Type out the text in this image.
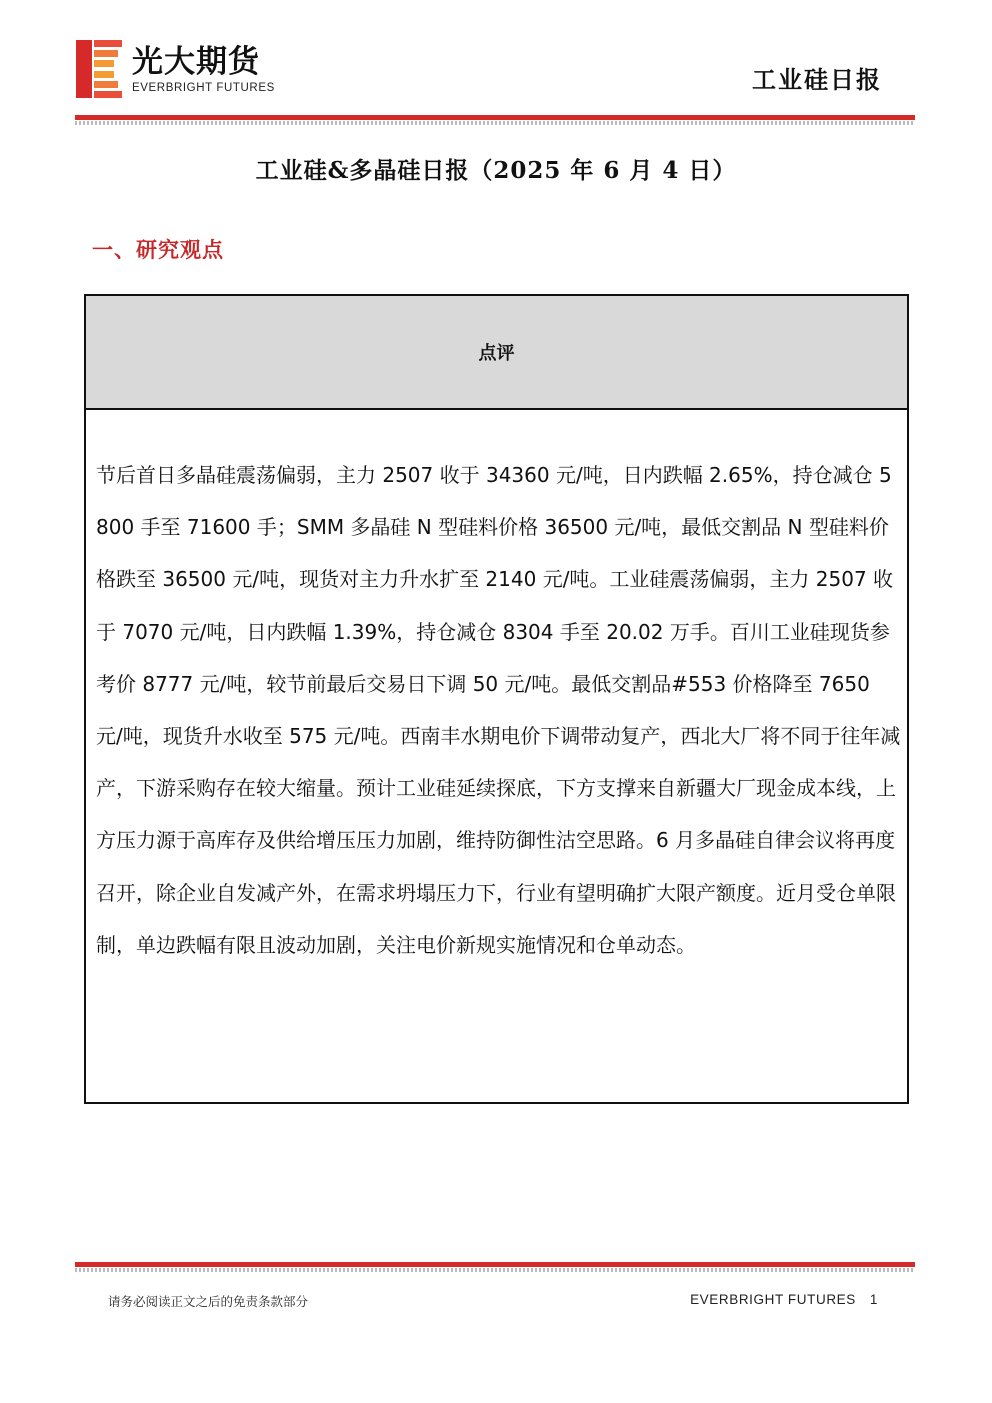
光大期货
EVERBRIGHT FUTURES	工业硅日报
工业硅&多晶硅日报（2025 年 6 月 4 日）
一、研究观点
点评
节后首日多晶硅震荡偏弱，主力 2507 收于 34360 元/吨，日内跌幅 2.65%，持仓减仓 5800 手至 71600 手；SMM 多晶硅 N 型硅料价格 36500 元/吨，最低交割品 N 型硅料价格跌至 36500 元/吨，现货对主力升水扩至 2140 元/吨。工业硅震荡偏弱，主力 2507 收于 7070 元/吨，日内跌幅 1.39%，持仓减仓 8304 手至 20.02 万手。百川工业硅现货参考价 8777 元/吨，较节前最后交易日下调 50 元/吨。最低交割品#553 价格降至 7650 元/吨，现货升水收至 575 元/吨。西南丰水期电价下调带动复产，西北大厂将不同于往年减产，下游采购存在较大缩量。预计工业硅延续探底，下方支撑来自新疆大厂现金成本线，上方压力源于高库存及供给增压压力加剧，维持防御性沽空思路。6 月多晶硅自律会议将再度召开，除企业自发减产外，在需求坍塌压力下，行业有望明确扩大限产额度。近月受仓单限制，单边跌幅有限且波动加剧，关注电价新规实施情况和仓单动态。
请务必阅读正文之后的免责条款部分	EVERBRIGHT FUTURES 1
